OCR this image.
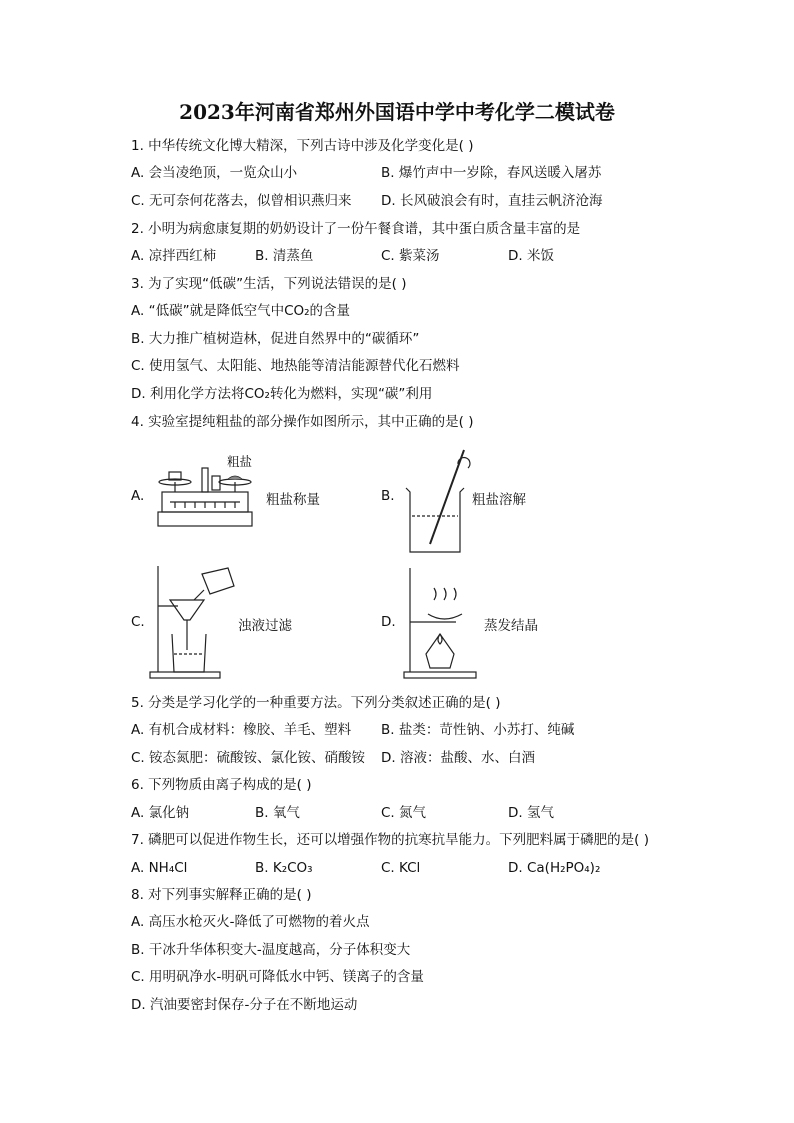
2023年河南省郑州外国语中学中考化学二模试卷
1. 中华传统文化博大精深，下列古诗中涉及化学变化是( )
A. 会当凌绝顶，一览众山小	B. 爆竹声中一岁除，春风送暖入屠苏
C. 无可奈何花落去，似曾相识燕归来 D. 长风破浪会有时，直挂云帆济沧海
2. 小明为病愈康复期的奶奶设计了一份午餐食谱，其中蛋白质含量丰富的是
A. 凉拌西红柿	B. 清蒸鱼	C. 紫菜汤	D. 米饭
3. 为了实现“低碳”生活，下列说法错误的是( )
A. “低碳”就是降低空气中CO₂的含量
B. 大力推广植树造林，促进自然界中的“碳循环”
C. 使用氢气、太阳能、地热能等清洁能源替代化石燃料
D. 利用化学方法将CO₂转化为燃料，实现“碳”利用
4. 实验室提纯粗盐的部分操作如图所示，其中正确的是( )
A.
粗盐
粗盐称量	B.	粗盐溶解
C.	浊液过滤	D.	蒸发结晶
5. 分类是学习化学的一种重要方法。下列分类叙述正确的是( )
A. 有机合成材料：橡胶、羊毛、塑料 B. 盐类：苛性钠、小苏打、纯碱
C. 铵态氮肥：硫酸铵、氯化铵、硝酸铵 D. 溶液：盐酸、水、白酒
6. 下列物质由离子构成的是( )
A. 氯化钠	B. 氧气	C. 氮气	D. 氢气
7. 磷肥可以促进作物生长，还可以增强作物的抗寒抗旱能力。下列肥料属于磷肥的是( )
A. NH₄Cl	B. K₂CO₃	C. KCl	D. Ca(H₂PO₄)₂
8. 对下列事实解释正确的是( )
A. 高压水枪灭火-降低了可燃物的着火点
B. 干冰升华体积变大-温度越高，分子体积变大
C. 用明矾净水-明矾可降低水中钙、镁离子的含量
D. 汽油要密封保存-分子在不断地运动
